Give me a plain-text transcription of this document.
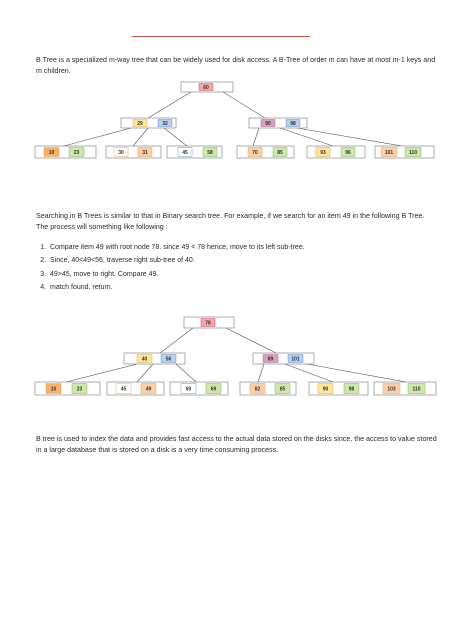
B Tree is a specialized m-way tree that can be widely used for disk access. A B-Tree of order m can have at most m-1 keys and m children.

60
29	32	90	98
10	23	30	31	45	58	70	85	93	96	101	110

Searching in B Trees is similar to that in Binary search tree. For example, if we search for an item 49 in the following B Tree. The process will something like following :

1. Compare item 49 with root node 78. since 49 < 78 hence, move to its left sub-tree.
2. Since, 40<49<56, traverse right sub-tree of 40.
3. 49>45, move to right. Compare 49.
4. match found, return.
78
40	56	89	101
10	23	45	49	60	69	82	85	90	98	103	110

B tree is used to index the data and provides fast access to the actual data stored on the disks since, the access to value stored in a large database that is stored on a disk is a very time consuming process.
